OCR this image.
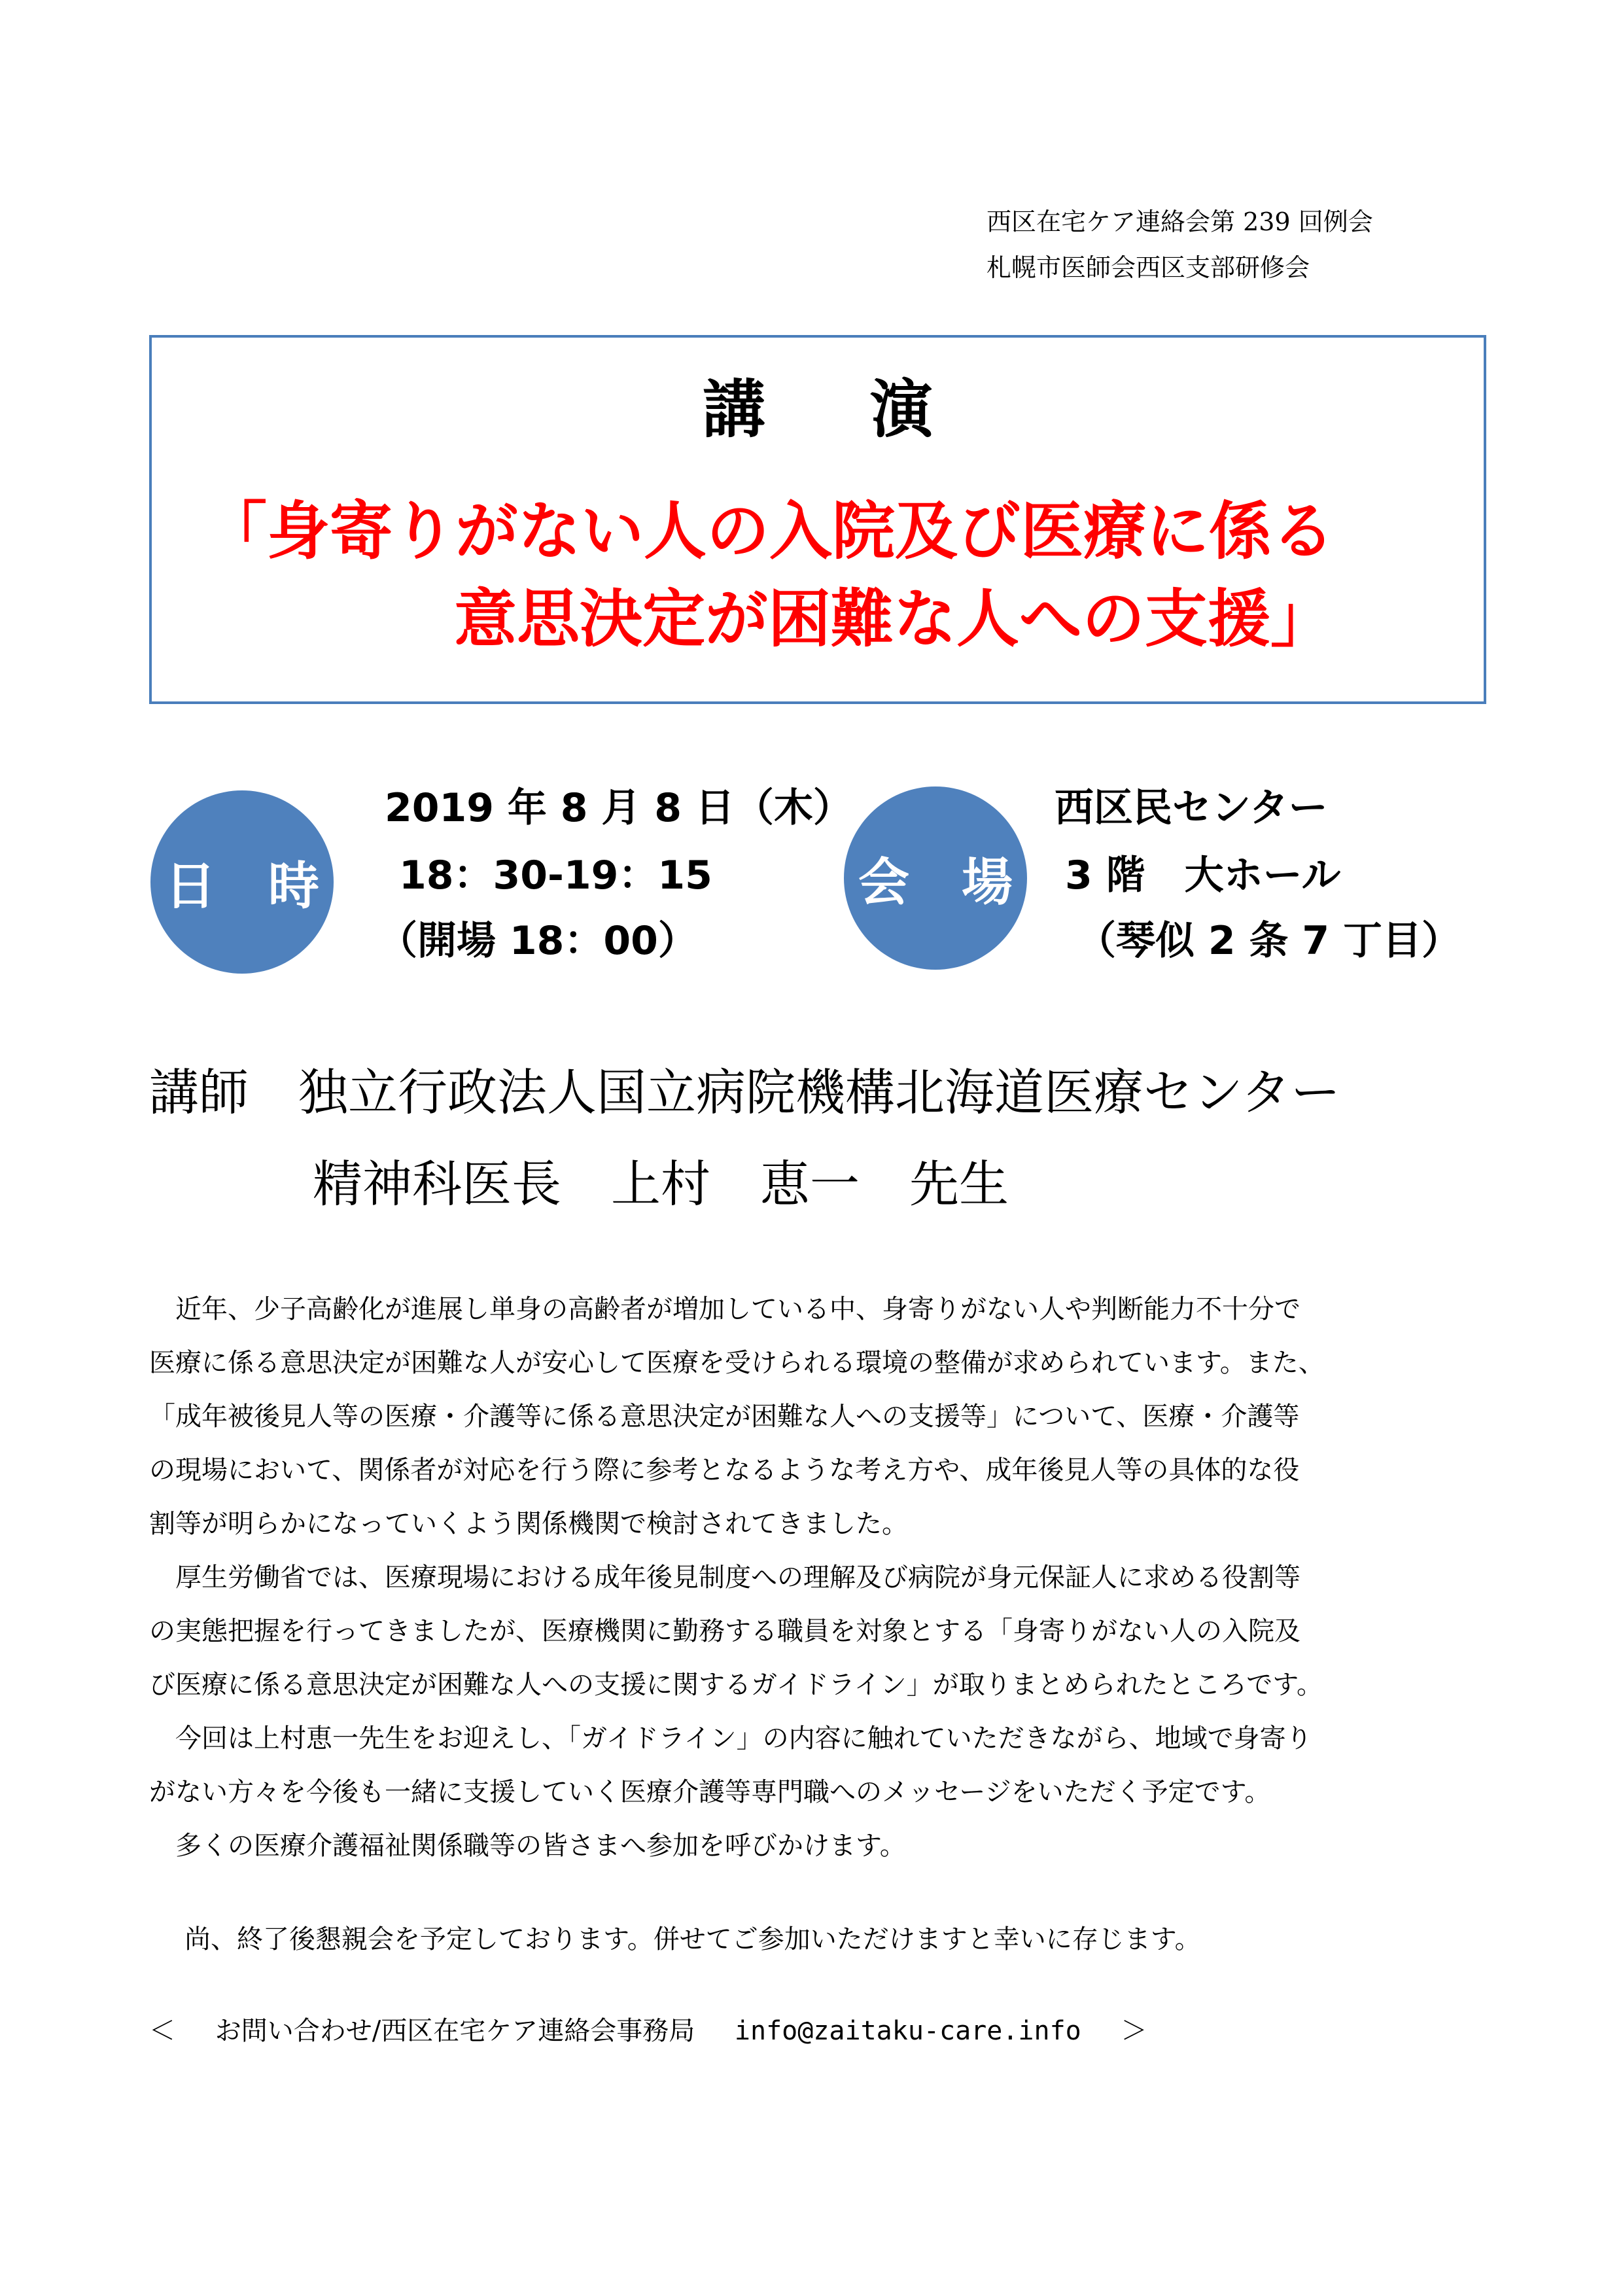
西区在宅ケア連絡会第 239 回例会
札幌市医師会西区支部研修会
講演
「身寄りがない人の入院及び医療に係る
意思決定が困難な人への支援」
日時
2019 年 8 月 8 日（木）
18：30-19：15
（開場 18：00）
会場
西区民センター
3 階　大ホール
（琴似 2 条 7 丁目）
講師　独立行政法人国立病院機構北海道医療センター
精神科医長　上村　恵一　先生

　近年、少子高齢化が進展し単身の高齢者が増加している中、身寄りがない人や判断能力不十分で

医療に係る意思決定が困難な人が安心して医療を受けられる環境の整備が求められています。また、

「成年被後見人等の医療・介護等に係る意思決定が困難な人への支援等」について、医療・介護等

の現場において、関係者が対応を行う際に参考となるような考え方や、成年後見人等の具体的な役

割等が明らかになっていくよう関係機関で検討されてきました。

　厚生労働省では、医療現場における成年後見制度への理解及び病院が身元保証人に求める役割等

の実態把握を行ってきましたが、医療機関に勤務する職員を対象とする「身寄りがない人の入院及

び医療に係る意思決定が困難な人への支援に関するガイドライン」が取りまとめられたところです。

　今回は上村恵一先生をお迎えし、「ガイドライン」の内容に触れていただきながら、地域で身寄り

がない方々を今後も一緒に支援していく医療介護等専門職へのメッセージをいただく予定です。

　多くの医療介護福祉関係職等の皆さまへ参加を呼びかけます。

尚、終了後懇親会を予定しております。併せてご参加いただけますと幸いに存じます。
＜ お問い合わせ/西区在宅ケア連絡会事務局 info@zaitaku-care.info ＞
